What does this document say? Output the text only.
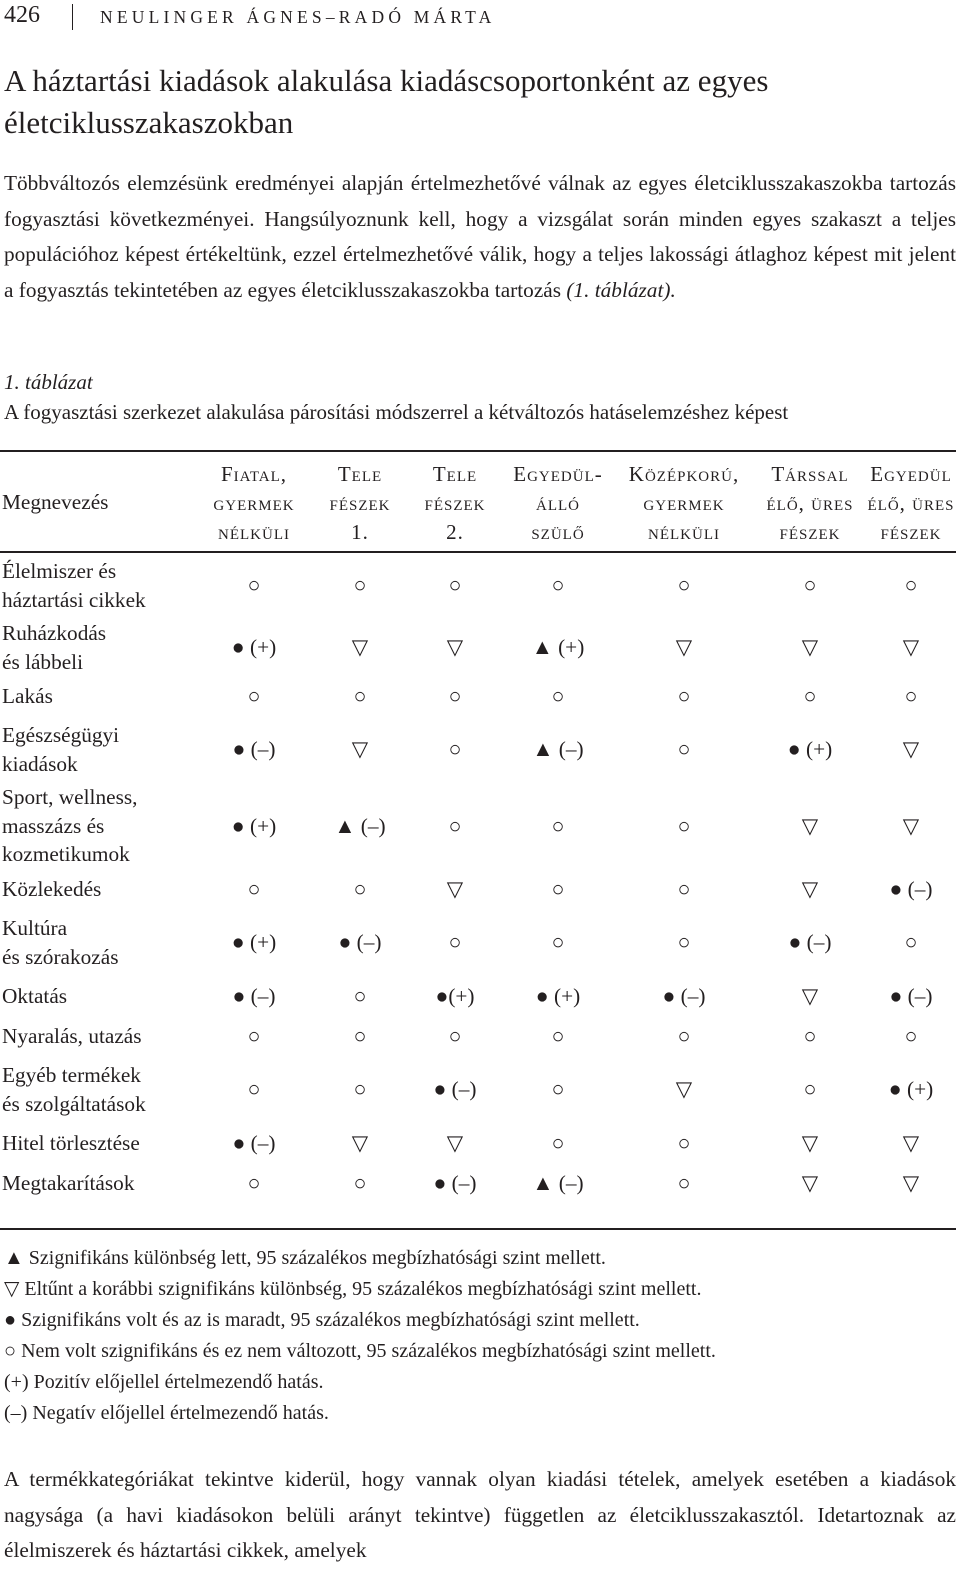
426	NEULINGER ÁGNES–RADÓ MÁRTA
A háztartási kiadások alakulása kiadáscsoportonként az egyes életciklusszakaszokban

Többváltozós elemzésünk eredményei alapján értelmezhetővé válnak az egyes életciklusszakaszokba tartozás fogyasztási következményei. Hangsúlyoznunk kell, hogy a vizsgálat során minden egyes szakaszt a teljes populációhoz képest értékeltünk, ezzel értelmezhetővé válik, hogy a teljes lakossági átlaghoz képest mit jelent a fogyasztás tekintetében az egyes életciklusszakaszokba tartozás (1. táblázat).

1. táblázat
A fogyasztási szerkezet alakulása párosítási módszerrel a kétváltozós hatáselemzéshez képest
Megnevezés	Fiatal,
gyermek
nélküli	Tele
fészek
1.	Tele
fészek
2.	Egyedül-
álló
szülő	Középkorú,
gyermek
nélküli	Társsal
élő, üres
fészek	Egyedül
élő, üres
fészek
Élelmiszer és
háztartási cikkek	○	○	○	○	○	○	○
Ruházkodás
és lábbeli	● (+)	▽	▽	▲ (+)	▽	▽	▽
Lakás	○	○	○	○	○	○	○
Egészségügyi
kiadások	● (–)	▽	○	▲ (–)	○	● (+)	▽
Sport, wellness,
masszázs és
kozmetikumok	● (+)	▲ (–)	○	○	○	▽	▽
Közlekedés	○	○	▽	○	○	▽	● (–)
Kultúra
és szórakozás	● (+)	● (–)	○	○	○	● (–)	○
Oktatás	● (–)	○	●(+)	● (+)	● (–)	▽	● (–)
Nyaralás, utazás	○	○	○	○	○	○	○
Egyéb termékek
és szolgáltatások	○	○	● (–)	○	▽	○	● (+)
Hitel törlesztése	● (–)	▽	▽	○	○	▽	▽
Megtakarítások	○	○	● (–)	▲ (–)	○	▽	▽
▲ Szignifikáns különbség lett, 95 százalékos megbízhatósági szint mellett.
▽ Eltűnt a korábbi szignifikáns különbség, 95 százalékos megbízhatósági szint mellett.
● Szignifikáns volt és az is maradt, 95 százalékos megbízhatósági szint mellett.
○ Nem volt szignifikáns és ez nem változott, 95 százalékos megbízhatósági szint mellett.
(+) Pozitív előjellel értelmezendő hatás.
(–) Negatív előjellel értelmezendő hatás.

A termékkategóriákat tekintve kiderül, hogy vannak olyan kiadási tételek, amelyek esetében a kiadások nagysága (a havi kiadásokon belüli arányt tekintve) független az életciklusszakasztól. Idetartoznak az élelmiszerek és háztartási cikkek, amelyek
